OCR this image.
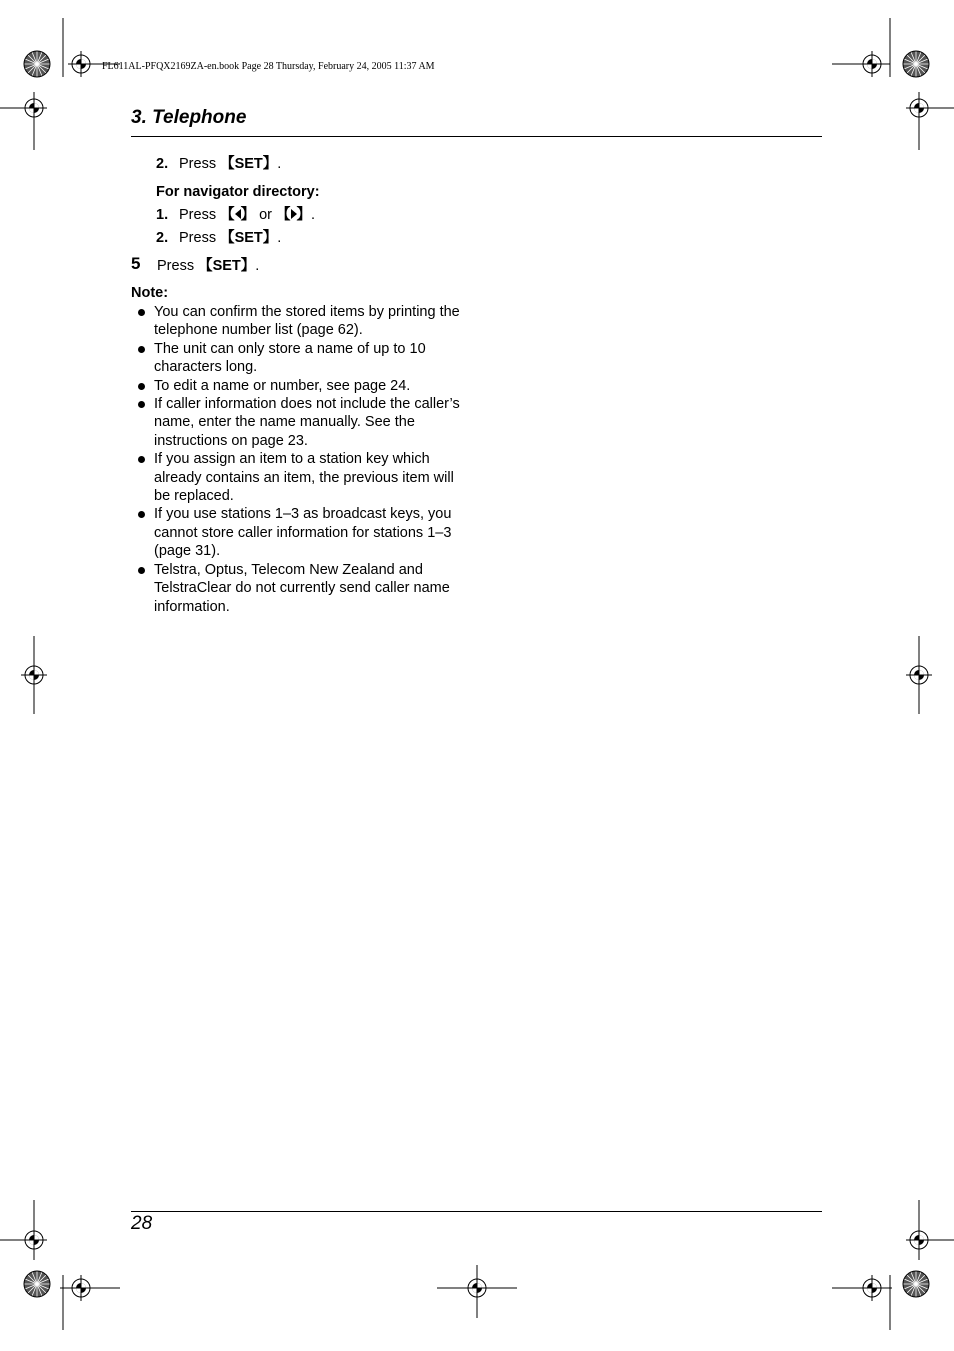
FL611AL-PFQX2169ZA-en.book Page 28 Thursday, February 24, 2005 11:37 AM
3. Telephone
2. Press 【SET】.
For navigator directory:
1. Press 【 】 or 【 】.
2. Press 【SET】.
5 Press 【SET】.
Note:
You can confirm the stored items by printing the telephone number list (page 62).
The unit can only store a name of up to 10 characters long.
To edit a name or number, see page 24.
If caller information does not include the caller’s name, enter the name manually. See the instructions on page 23.
If you assign an item to a station key which already contains an item, the previous item will be replaced.
If you use stations 1–3 as broadcast keys, you cannot store caller information for stations 1–3 (page 31).
Telstra, Optus, Telecom New Zealand and TelstraClear do not currently send caller name information.
28
